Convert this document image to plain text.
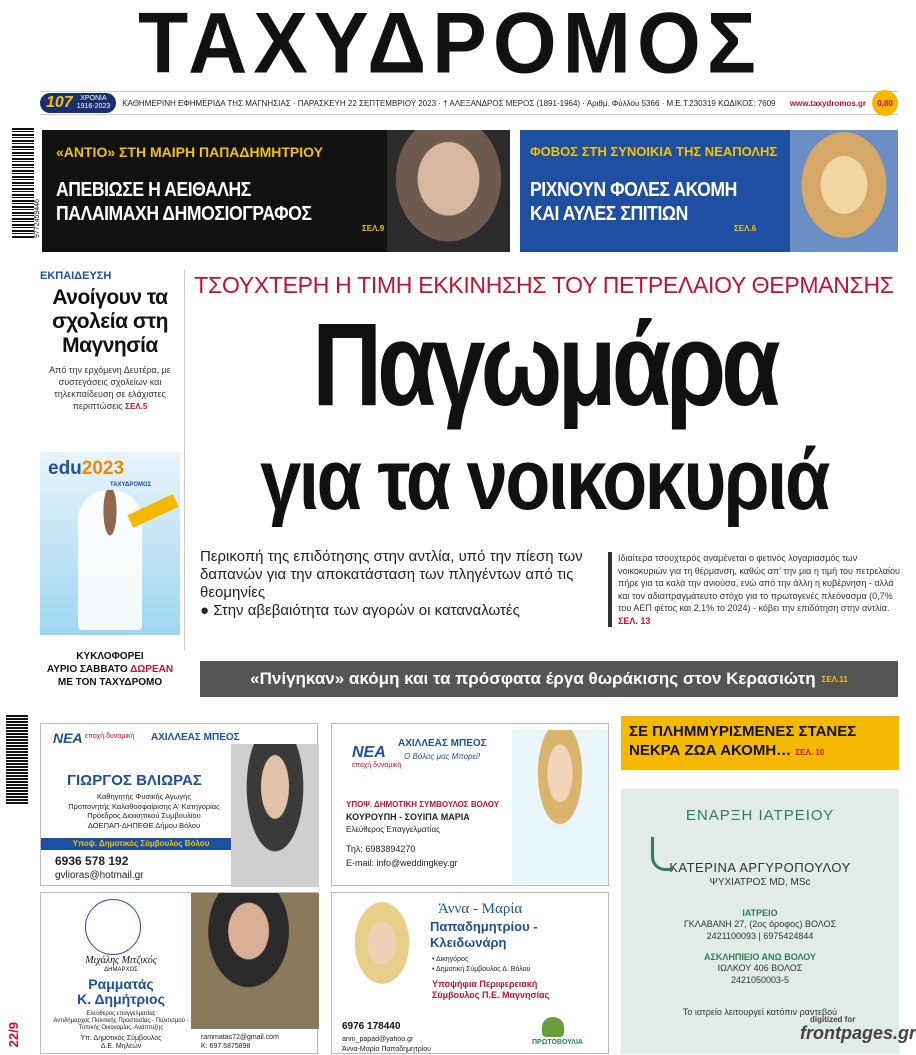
ΤΑΧΥΔΡΟΜΟΣ
107	ΧΡΟΝΙΑ
1916-2023 ΚΑΘΗΜΕΡΙΝΗ ΕΦΗΜΕΡΙΔΑ ΤΗΣ ΜΑΓΝΗΣΙΑΣ · ΠΑΡΑΣΚΕΥΗ 22 ΣΕΠΤΕΜΒΡΙΟΥ 2023 · † ΑΛΕΞΑΝΔΡΟΣ ΜΕΡΟΣ (1891-1964) · Αριθμ. Φύλλου 5366 · Μ.Ε.Τ.230319 ΚΩΔΙΚΟΣ: 7609	www.taxydromos.gr	0,80
9772459446
«ΑΝΤΙΟ» ΣΤΗ ΜΑΙΡΗ ΠΑΠΑΔΗΜΗΤΡΙΟΥ
ΑΠΕΒΙΩΣΕ Η ΑΕΙΘΑΛΗΣ
ΠΑΛΑΙΜΑΧΗ ΔΗΜΟΣΙΟΓΡΑΦΟΣ
ΣΕΛ.9
ΦΟΒΟΣ ΣΤΗ ΣΥΝΟΙΚΙΑ ΤΗΣ ΝΕΑΠΟΛΗΣ
ΡΙΧΝΟΥΝ ΦΟΛΕΣ ΑΚΟΜΗ
ΚΑΙ ΑΥΛΕΣ ΣΠΙΤΙΩΝ
ΣΕΛ.6
ΕΚΠΑΙΔΕΥΣΗ
Ανοίγουν τα σχολεία στη Μαγνησία
Από την ερχόμενη Δευτέρα, με συστεγάσεις σχολείων και τηλεκπαίδευση σε ελάχιστες περιπτώσεις ΣΕΛ.5
edu2023
ΤΑΧΥΔΡΟΜΟΣ
ΚΥΚΛΟΦΟΡΕΙ
ΑΥΡΙΟ ΣΑΒΒΑΤΟ ΔΩΡΕΑΝ
ΜΕ ΤΟΝ ΤΑΧΥΔΡΟΜΟ
ΤΣΟΥΧΤΕΡΗ Η ΤΙΜΗ ΕΚΚΙΝΗΣΗΣ ΤΟΥ ΠΕΤΡΕΛΑΙΟΥ ΘΕΡΜΑΝΣΗΣ
Παγωμάρα
για τα νοικοκυριά
Περικοπή της επιδότησης στην αντλία, υπό την πίεση των δαπανών για την αποκατάσταση των πληγέντων από τις θεομηνίες
● Στην αβεβαιότητα των αγορών οι καταναλωτές
Ιδιαίτερα τσουχτερός αναμένεται ο φετινός λογαριασμός των νοικοκυριών για τη θέρμανση, καθώς απ' την μια η τιμή του πετρελαίου πήρε για τα καλά την ανιούσα, ενώ από την άλλη η κυβέρνηση - αλλά και τον αδιαπραγμάτευτο στόχο για το πρωτογενές πλεόνασμα (0,7% του ΑΕΠ φέτος και 2,1% το 2024) - κόβει την επιδότηση στην αντλία. ΣΕΛ. 13
«Πνίγηκαν» ακόμη και τα πρόσφατα έργα θωράκισης στον Κερασιώτη ΣΕΛ.11
ΝΕΑ εποχή δυναμική ΑΧΙΛΛΕΑΣ ΜΠΕΟΣ
ΓΙΩΡΓΟΣ ΒΛΙΩΡΑΣ
Καθηγητής Φυσικής Αγωγής
Προπονητής Καλαθοσφαίρισης Α' Κατηγορίας
Πρόεδρος Διοικητικού Συμβουλίου
ΔΟΕΠΑΠ-ΔΗΠΕΘΕ Δήμου Βόλου
Υποψ. Δημοτικός Σύμβουλος Βόλου
6936 578 192
gvlioras@hotmail.gr
ΝΕΑ
εποχή δυναμική
ΑΧΙΛΛΕΑΣ ΜΠΕΟΣ
Ο Βόλος μας Μπορεί!
ΥΠΟΨ. ΔΗΜΟΤΙΚΗ ΣΥΜΒΟΥΛΟΣ ΒΟΛΟΥ
ΚΟΥΡΟΥΠΗ - ΣΟΥΙΠΑ ΜΑΡΙΑ
Ελεύθερος Επαγγελματίας
Τηλ: 6983894270
E-mail: info@weddingkey.gr
Μιχάλης Μιτζικός
ΔΗΜΑΡΧΟΣ
Ραμματάς
Κ. Δημήτριος
Ελεύθερος επαγγελματίας
Αντιδήμαρχος Πολιτικής Προστασίας - Πολιτισμού - Τοπικής Οικονομίας, Ανάπτυξης
Υπ. Δημοτικός Σύμβουλος
Δ.Ε. Μηλεών
rammatas72@gmail.com
Κ: 697 5875898
Άννα - Μαρία
Παπαδημητρίου -
Κλειδωνάρη
• Δικηγόρος
• Δημοτική Σύμβουλος Δ. Βόλου
Υποψήφια Περιφερειακή
Σύμβουλος Π.Ε. Μαγνησίας
6976 178440
anm_papad@yahoo.gr
Άννα-Μαρία Παπαδημητρίου
ΠΡΩΤΟΒΟΥΛΙΑ
ΣΕ ΠΛΗΜΜΥΡΙΣΜΕΝΕΣ ΣΤΑΝΕΣ
ΝΕΚΡΑ ΖΩΑ ΑΚΟΜΗ… ΣΕΛ. 10
ΕΝΑΡΞΗ ΙΑΤΡΕΙΟΥ
ΚΑΤΕΡΙΝΑ ΑΡΓΥΡΟΠΟΥΛΟΥ
ΨΥΧΙΑΤΡΟΣ MD, MSc
ΙΑΤΡΕΙΟ
ΓΚΛΑΒΑΝΗ 27, (2ος όροφος) ΒΟΛΟΣ
2421100093 | 6975424844
ΑΣΚΛΗΠΙΕΙΟ ΑΝΩ ΒΟΛΟΥ
ΙΩΛΚΟΥ 406 ΒΟΛΟΣ
2421050003-5
Το ιατρείο λειτουργεί κατόπιν ραντεβού
22/9
digitized for
frontpages.gr
